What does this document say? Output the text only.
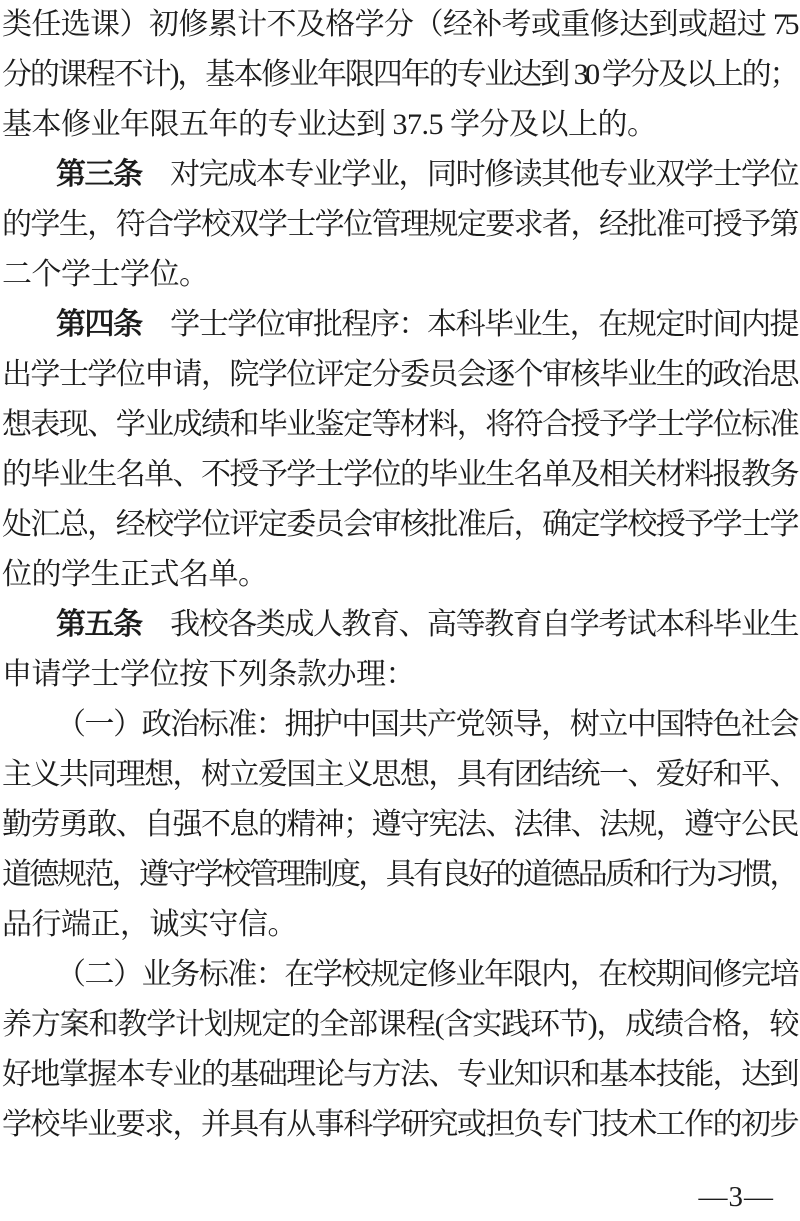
类任选课）初修累计不及格学分（经补考或重修达到或超过 75
分的课程不计)，基本修业年限四年的专业达到 30 学分及以上的；
基本修业年限五年的专业达到 37.5 学分及以上的。
第三条　对完成本专业学业，同时修读其他专业双学士学位
的学生，符合学校双学士学位管理规定要求者，经批准可授予第
二个学士学位。
第四条　学士学位审批程序：本科毕业生，在规定时间内提
出学士学位申请，院学位评定分委员会逐个审核毕业生的政治思
想表现、学业成绩和毕业鉴定等材料，将符合授予学士学位标准
的毕业生名单、不授予学士学位的毕业生名单及相关材料报教务
处汇总，经校学位评定委员会审核批准后，确定学校授予学士学
位的学生正式名单。
第五条　我校各类成人教育、高等教育自学考试本科毕业生
申请学士学位按下列条款办理：
（一）政治标准：拥护中国共产党领导，树立中国特色社会
主义共同理想，树立爱国主义思想，具有团结统一、爱好和平、
勤劳勇敢、自强不息的精神；遵守宪法、法律、法规，遵守公民
道德规范，遵守学校管理制度，具有良好的道德品质和行为习惯，
品行端正，诚实守信。
（二）业务标准：在学校规定修业年限内，在校期间修完培
养方案和教学计划规定的全部课程(含实践环节)，成绩合格，较
好地掌握本专业的基础理论与方法、专业知识和基本技能，达到
学校毕业要求，并具有从事科学研究或担负专门技术工作的初步
—3—
